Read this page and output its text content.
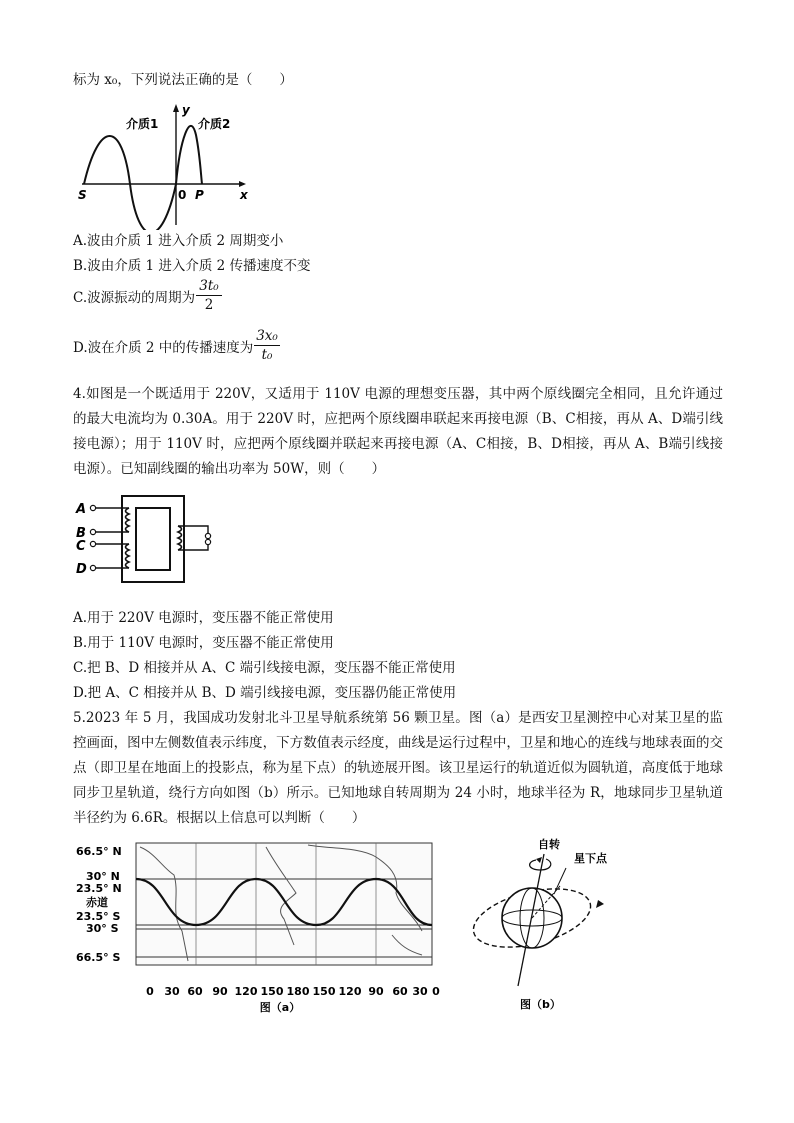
标为 x₀，下列说法正确的是（　　）
y
x
S	0 P
介质1	介质2
A.波由介质 1 进入介质 2 周期变小
B.波由介质 1 进入介质 2 传播速度不变
C.波源振动的周期为
3t₀
2
D.波在介质 2 中的传播速度为
3x₀
t₀
4.如图是一个既适用于 220V，又适用于 110V 电源的理想变压器，其中两个原线圈完全相同，且允许通过的最大电流均为 0.30A。用于 220V 时，应把两个原线圈串联起来再接电源（B、C相接，再从 A、D端引线接电源）；用于 110V 时，应把两个原线圈并联起来再接电源（A、C相接，B、D相接，再从 A、B端引线接电源）。已知副线圈的输出功率为 50W，则（　　）
A
B
C
D
A.用于 220V 电源时，变压器不能正常使用
B.用于 110V 电源时，变压器不能正常使用
C.把 B、D 相接并从 A、C 端引线接电源，变压器不能正常使用
D.把 A、C 相接并从 B、D 端引线接电源，变压器仍能正常使用
5.2023 年 5 月，我国成功发射北斗卫星导航系统第 56 颗卫星。图（a）是西安卫星测控中心对某卫星的监控画面，图中左侧数值表示纬度，下方数值表示经度，曲线是运行过程中，卫星和地心的连线与地球表面的交点（即卫星在地面上的投影点，称为星下点）的轨迹展开图。该卫星运行的轨道近似为圆轨道，高度低于地球同步卫星轨道，绕行方向如图（b）所示。已知地球自转周期为 24 小时，地球半径为 R，地球同步卫星轨道半径约为 6.6R。根据以上信息可以判断（　　）
66.5° N
30° N
23.5° N
赤道
23.5° S
30° S
66.5° S
0 30 60 90 120 150 180 150 120 90 60 30 0
图（a）
自转
星下点
图（b）
